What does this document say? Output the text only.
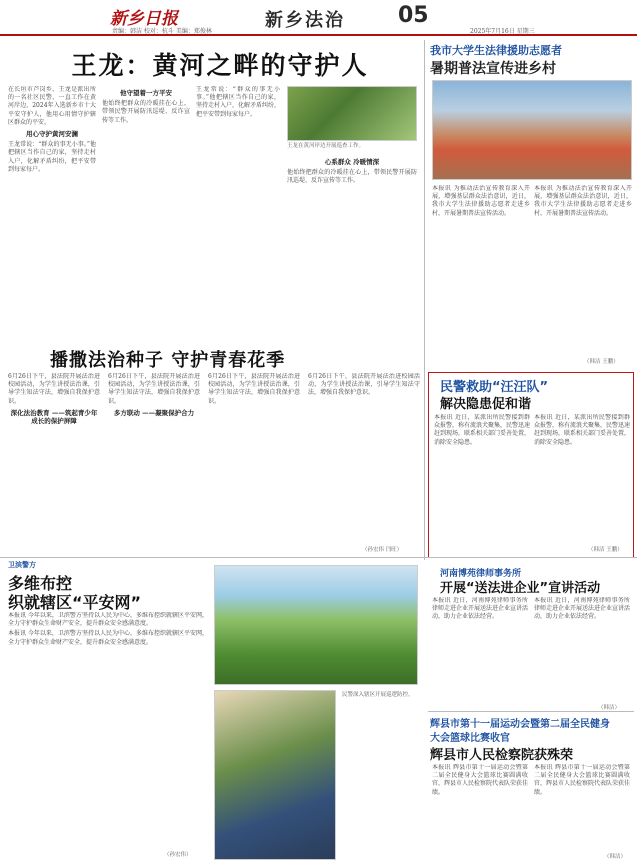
新乡日报
责编：韩洁 校对：杭斗 美编：郑俊林
新乡法治 05
2025年7月16日 星期三
王龙：黄河之畔的守护人

在长垣市芦岗乡，王龙是派出所的一名社区民警，一直工作在黄河岸边，2024年入选新乡市十大平安守护人，他用心用情守护辖区群众的平安。

用心守护黄河安澜

王龙常说：“群众的事无小事。”他把辖区当作自己的家，坚持走村入户，化解矛盾纠纷，把平安带到每家每户。

他守望着一方平安

他始终把群众的冷暖挂在心上，带领民警开展防汛巡堤、反诈宣传等工作。

王龙常说：“群众的事无小事。”他把辖区当作自己的家，坚持走村入户，化解矛盾纠纷，把平安带到每家每户。

王龙在黄河岸边开展巡查工作。
心系群众 冷暖情深

他始终把群众的冷暖挂在心上，带领民警开展防汛巡堤、反诈宣传等工作。

我市大学生法律援助志愿者
暑期普法宣传进乡村

本报讯 为推动法治宣传教育深入开展，增强基层群众法治意识，近日，我市大学生法律援助志愿者走进乡村，开展暑期普法宣传活动。

本报讯 为推动法治宣传教育深入开展，增强基层群众法治意识，近日，我市大学生法律援助志愿者走进乡村，开展暑期普法宣传活动。

（韩洁 王鹏）
播撒法治种子 守护青春花季

6月26日下午，县法院开展法治进校园活动，为学生讲授法治课，引导学生知法守法，增强自我保护意识。

深化法治教育 ——筑起青少年成长的保护屏障

6月26日下午，县法院开展法治进校园活动，为学生讲授法治课，引导学生知法守法，增强自我保护意识。

多方联动 ——凝聚保护合力

6月26日下午，县法院开展法治进校园活动，为学生讲授法治课，引导学生知法守法，增强自我保护意识。

6月26日下午，县法院开展法治进校园活动，为学生讲授法治课，引导学生知法守法，增强自我保护意识。

（孙宏伟 闫旺）
民警救助“汪汪队”
解决隐患促和谐

本报讯 近日，某派出所民警接到群众报警，称有流浪犬聚集，民警迅速赶到现场，联系相关部门妥善处置，消除安全隐患。

本报讯 近日，某派出所民警接到群众报警，称有流浪犬聚集，民警迅速赶到现场，联系相关部门妥善处置，消除安全隐患。

（韩洁 王鹏）
卫滨警方
多维布控
织就辖区“平安网”

本报讯 今年以来，卫滨警方坚持以人民为中心，多维布控织就辖区平安网，全力守护群众生命财产安全，提升群众安全感满意度。

本报讯 今年以来，卫滨警方坚持以人民为中心，多维布控织就辖区平安网，全力守护群众生命财产安全，提升群众安全感满意度。

（孙宏伟）
民警深入辖区开展巡逻防控。
河南博苑律师事务所
开展“送法进企业”宣讲活动

本报讯 近日，河南博苑律师事务所律师走进企业开展送法进企业宣讲活动，助力企业依法经营。

本报讯 近日，河南博苑律师事务所律师走进企业开展送法进企业宣讲活动，助力企业依法经营。

（韩洁）
辉县市第十一届运动会暨第二届全民健身
大会篮球比赛收官
辉县市人民检察院获殊荣

本报讯 辉县市第十一届运动会暨第二届全民健身大会篮球比赛圆满收官，辉县市人民检察院代表队荣获佳绩。

本报讯 辉县市第十一届运动会暨第二届全民健身大会篮球比赛圆满收官，辉县市人民检察院代表队荣获佳绩。

（韩洁）
